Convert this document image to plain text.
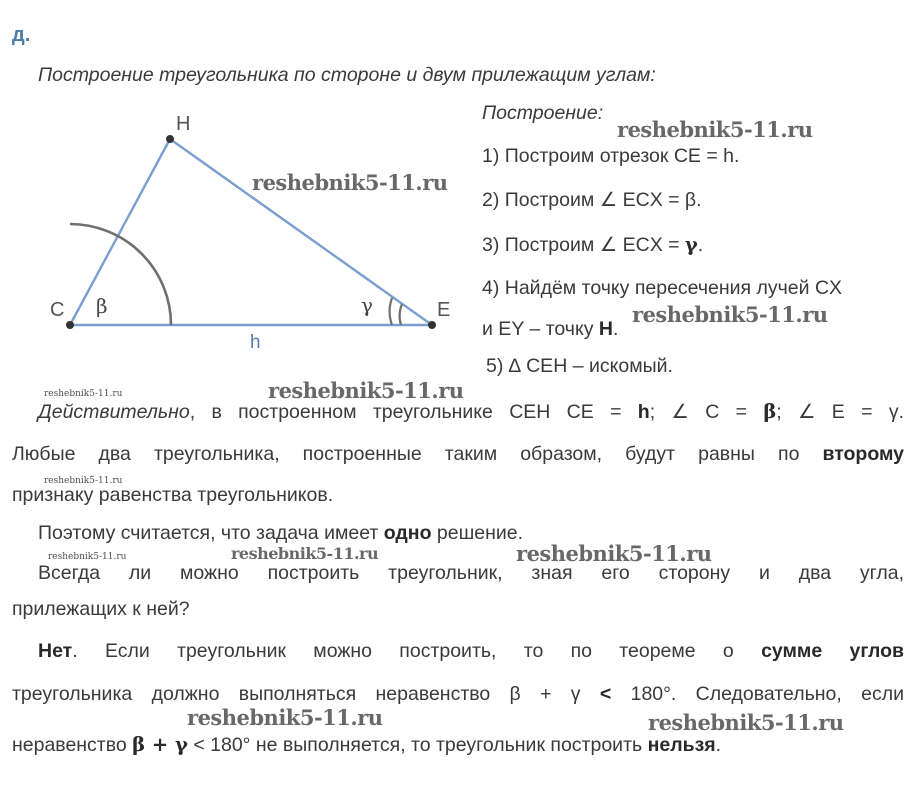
д.
Построение треугольника по стороне и двум прилежащим углам:
H
C	E
β	γ
h
Построение:
1) Построим отрезок CE = h.
2) Построим ∠ ECX = β.
3) Построим ∠ ECX = γ.
4) Найдём точку пересечения лучей CX
и EY – точку H.
5) ∆ CEH – искомый.
Действительно, в построенном треугольнике CEH CE = h; ∠ C = β; ∠ E = γ.
Любые два треугольника, построенные таким образом, будут равны по второму
признаку равенства треугольников.
Поэтому считается, что задача имеет одно решение.
Всегда ли можно построить треугольник, зная его сторону и два угла,
прилежащих к ней?
Нет. Если треугольник можно построить, то по теореме о сумме углов
треугольника должно выполняться неравенство β + γ < 180°. Следовательно, если
неравенство β + γ < 180° не выполняется, то треугольник построить нельзя.
reshebnik5-11.ru
reshebnik5-11.ru
reshebnik5-11.ru
reshebnik5-11.ru
reshebnik5-11.ru
reshebnik5-11.ru
reshebnik5-11.ru	reshebnik5-11.ru	reshebnik5-11.ru
reshebnik5-11.ru	reshebnik5-11.ru
